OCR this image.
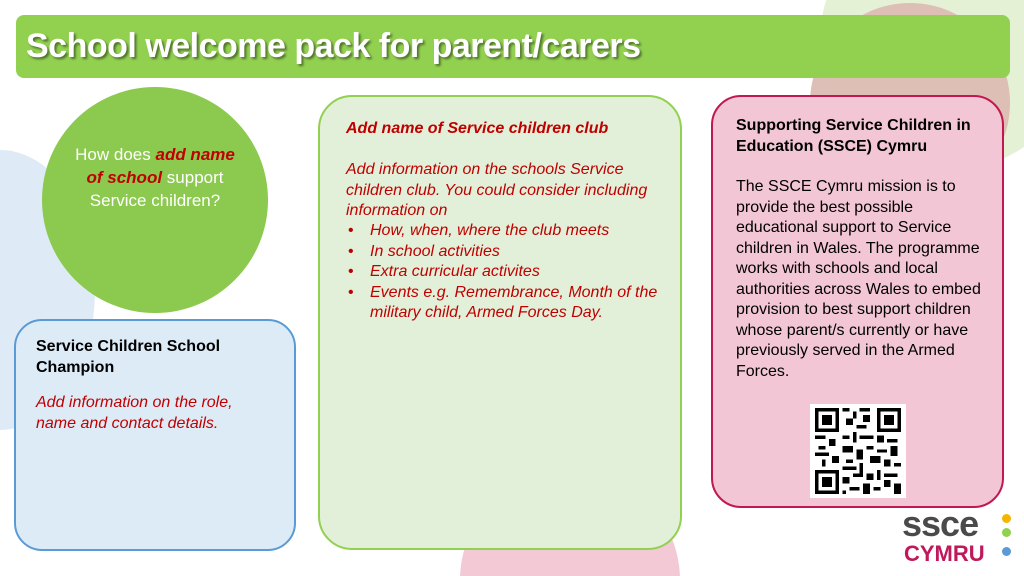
School welcome pack for parent/carers
How does add name of school support Service children?
Service Children School Champion
Add information on the role, name and contact details.
Add name of Service children club
Add information on the schools Service children club. You could consider including information on
• How, when, where the club meets
• In school activities
• Extra curricular activites
• Events e.g. Remembrance, Month of the military child, Armed Forces Day.
Supporting Service Children in Education (SSCE) Cymru
The SSCE Cymru mission is to provide the best possible educational support to Service children in Wales. The programme works with schools and local authorities across Wales to embed provision to best support children whose parent/s currently or have previously served in the Armed Forces.
ssce
CYMRU
